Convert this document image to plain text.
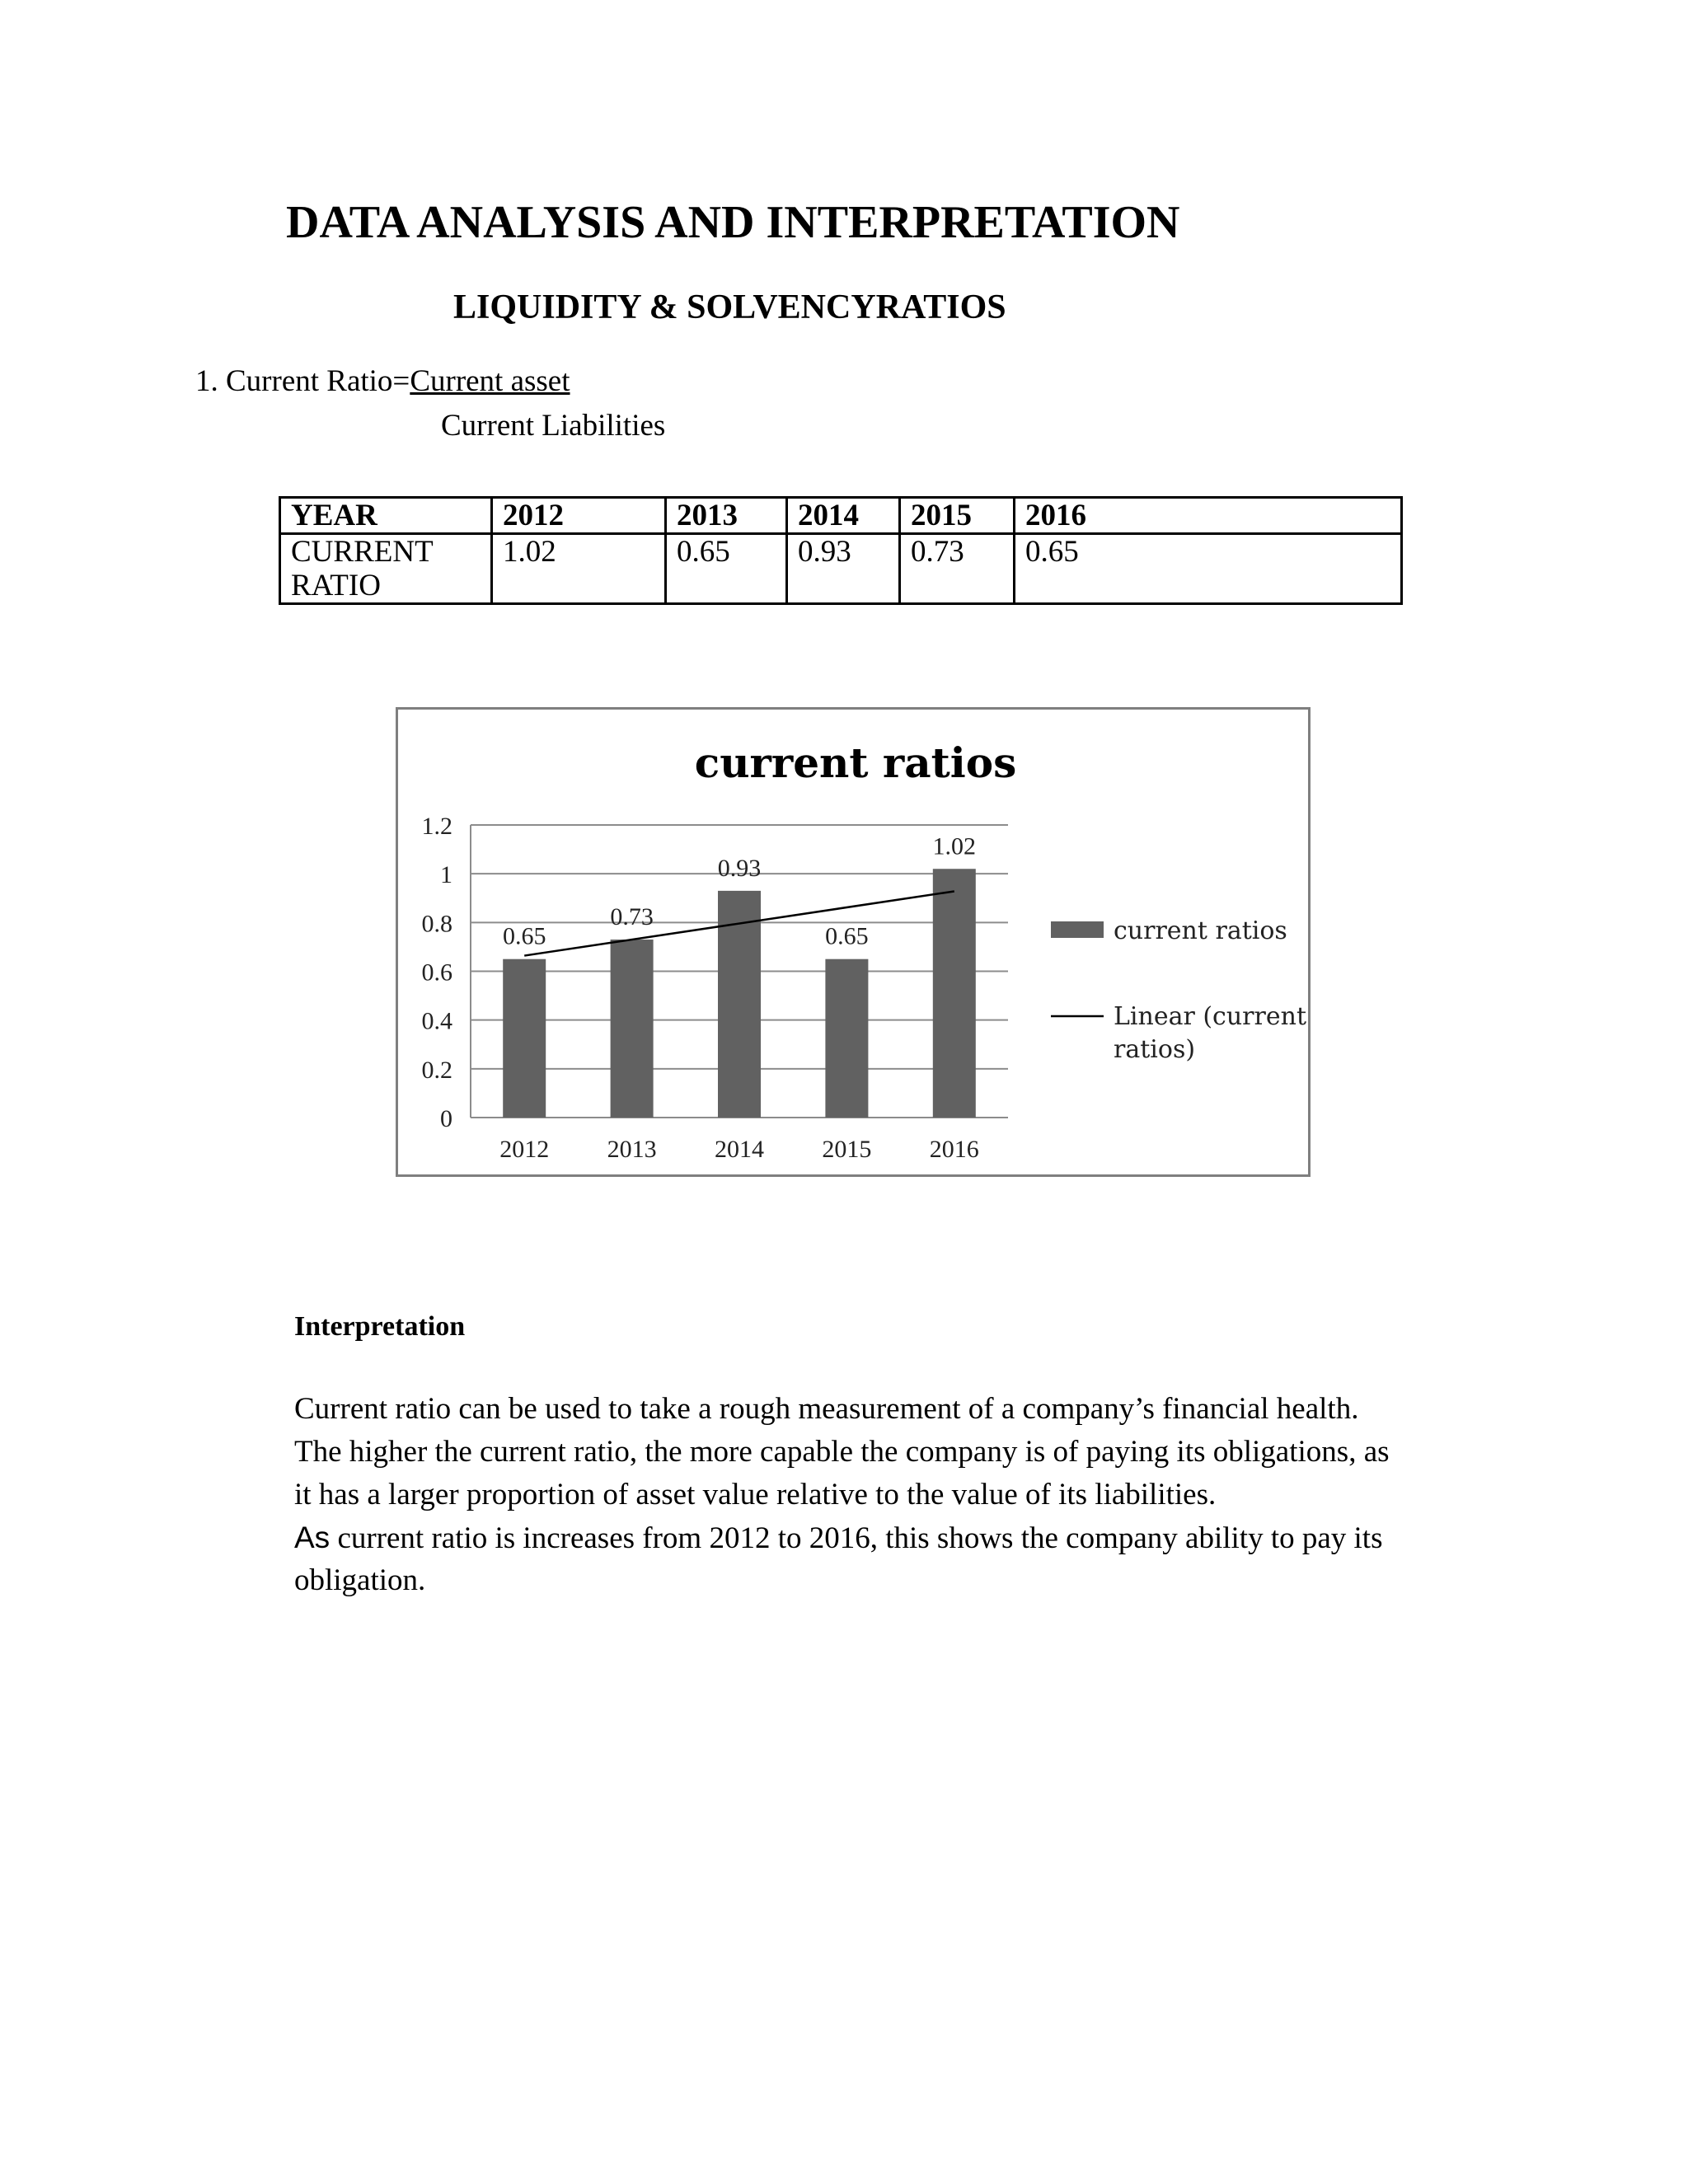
DATA ANALYSIS AND INTERPRETATION
LIQUIDITY & SOLVENCYRATIOS
1. Current Ratio=Current asset
Current Liabilities
YEAR	2012	2013	2014	2015	2016
CURRENT RATIO	1.02	0.65	0.93	0.73	0.65
current ratios
0
0.2
0.4
0.6
0.8
1
1.2
0.65
2012
0.73
2013
0.93
2014
0.65
2015
1.02
2016
current ratios
Linear (current
ratios)
Interpretation
Current ratio can be used to take a rough measurement of a company’s financial health.
The higher the current ratio, the more capable the company is of paying its obligations, as
it has a larger proportion of asset value relative to the value of its liabilities.
As current ratio is increases from 2012 to 2016, this shows the company ability to pay its
obligation.
